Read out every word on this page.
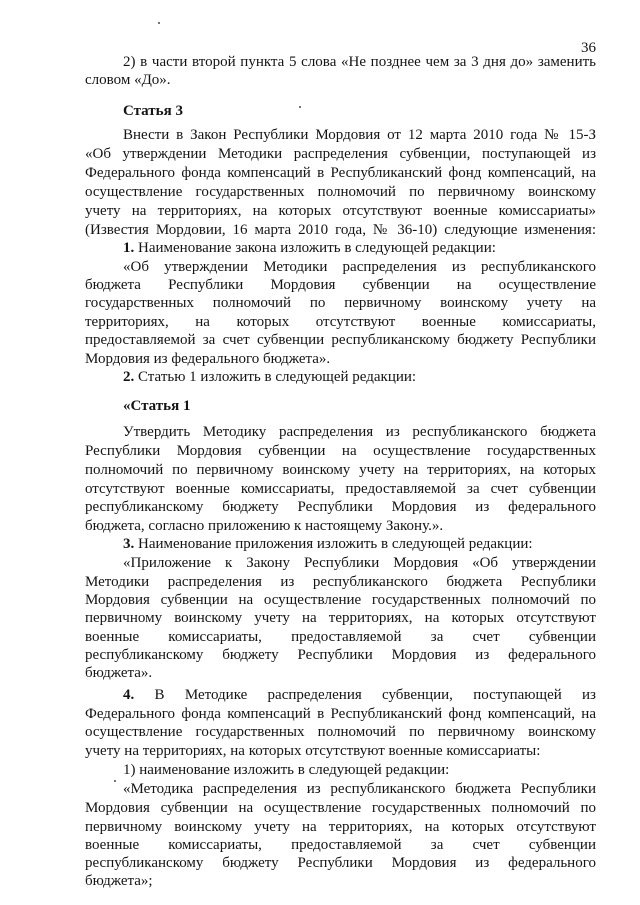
36
2) в части второй пункта 5 слова «Не позднее чем за 3 дня до» заменить
словом «До».
Статья 3
Внести в Закон Республики Мордовия от 12 марта 2010 года № 15-З
«Об утверждении Методики распределения субвенции, поступающей из
Федерального фонда компенсаций в Республиканский фонд компенсаций, на
осуществление государственных полномочий по первичному воинскому
учету на территориях, на которых отсутствуют военные комиссариаты»
(Известия Мордовии, 16 марта 2010 года, № 36-10) следующие изменения:
1. Наименование закона изложить в следующей редакции:
«Об утверждении Методики распределения из республиканского
бюджета Республики Мордовия субвенции на осуществление
государственных полномочий по первичному воинскому учету на
территориях, на которых отсутствуют военные комиссариаты,
предоставляемой за счет субвенции республиканскому бюджету Республики
Мордовия из федерального бюджета».
2. Статью 1 изложить в следующей редакции:
«Статья 1
Утвердить Методику распределения из республиканского бюджета
Республики Мордовия субвенции на осуществление государственных
полномочий по первичному воинскому учету на территориях, на которых
отсутствуют военные комиссариаты, предоставляемой за счет субвенции
республиканскому бюджету Республики Мордовия из федерального
бюджета, согласно приложению к настоящему Закону.».
3. Наименование приложения изложить в следующей редакции:
«Приложение к Закону Республики Мордовия «Об утверждении
Методики распределения из республиканского бюджета Республики
Мордовия субвенции на осуществление государственных полномочий по
первичному воинскому учету на территориях, на которых отсутствуют
военные комиссариаты, предоставляемой за счет субвенции
республиканскому бюджету Республики Мордовия из федерального
бюджета».
4. В Методике распределения субвенции, поступающей из
Федерального фонда компенсаций в Республиканский фонд компенсаций, на
осуществление государственных полномочий по первичному воинскому
учету на территориях, на которых отсутствуют военные комиссариаты:
1) наименование изложить в следующей редакции:
«Методика распределения из республиканского бюджета Республики
Мордовия субвенции на осуществление государственных полномочий по
первичному воинскому учету на территориях, на которых отсутствуют
военные комиссариаты, предоставляемой за счет субвенции
республиканскому бюджету Республики Мордовия из федерального
бюджета»;
